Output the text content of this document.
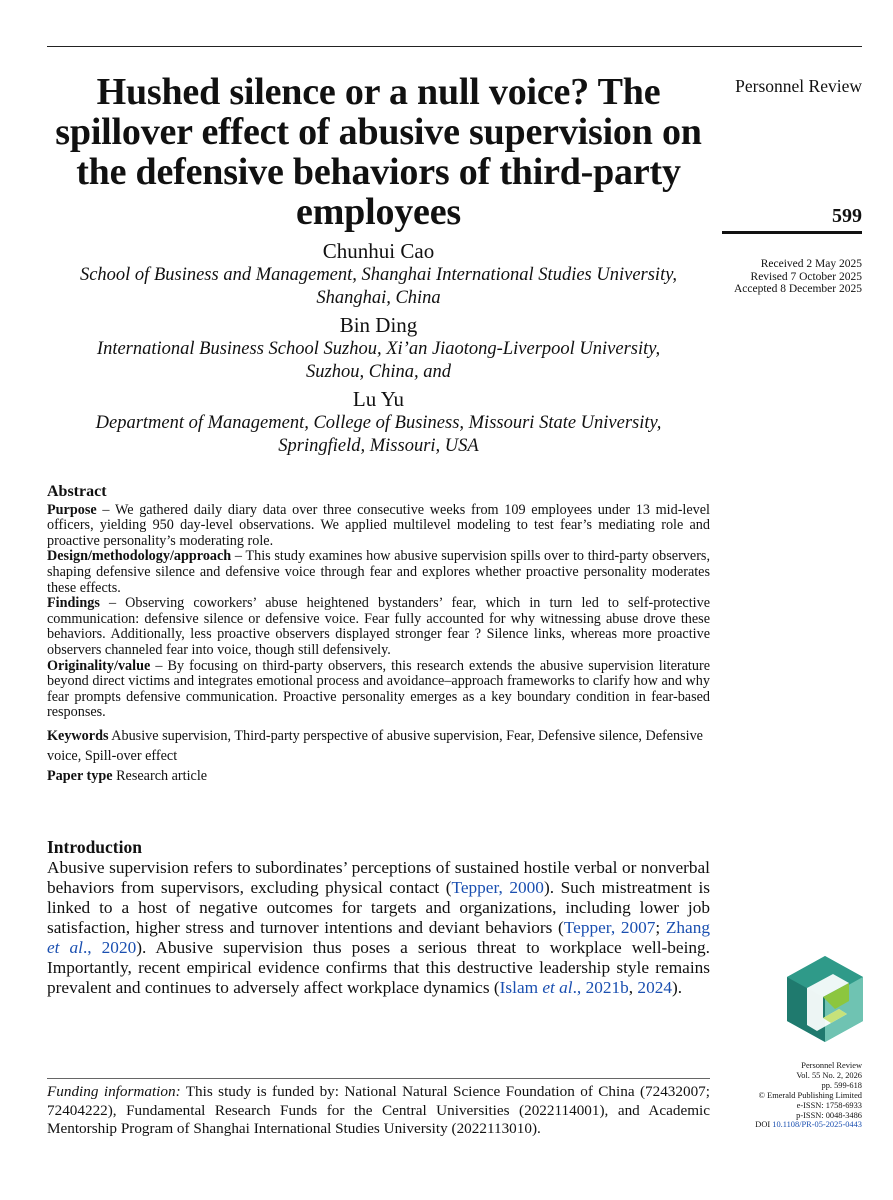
Hushed silence or a null voice? The spillover effect of abusive supervision on the defensive behaviors of third-party employees
Chunhui Cao
School of Business and Management, Shanghai International Studies University,
Shanghai, China
Bin Ding
International Business School Suzhou, Xi’an Jiaotong-Liverpool University,
Suzhou, China, and
Lu Yu
Department of Management, College of Business, Missouri State University,
Springfield, Missouri, USA
Personnel Review
599
Received 2 May 2025
Revised 7 October 2025
Accepted 8 December 2025
Abstract

Purpose – We gathered daily diary data over three consecutive weeks from 109 employees under 13 mid-level officers, yielding 950 day-level observations. We applied multilevel modeling to test fear’s mediating role and proactive personality’s moderating role.

Design/methodology/approach – This study examines how abusive supervision spills over to third-party observers, shaping defensive silence and defensive voice through fear and explores whether proactive personality moderates these effects.

Findings – Observing coworkers’ abuse heightened bystanders’ fear, which in turn led to self-protective communication: defensive silence or defensive voice. Fear fully accounted for why witnessing abuse drove these behaviors. Additionally, less proactive observers displayed stronger fear ? Silence links, whereas more proactive observers channeled fear into voice, though still defensively.

Originality/value – By focusing on third-party observers, this research extends the abusive supervision literature beyond direct victims and integrates emotional process and avoidance–approach frameworks to clarify how and why fear prompts defensive communication. Proactive personality emerges as a key boundary condition in fear-based responses.

Keywords Abusive supervision, Third-party perspective of abusive supervision, Fear, Defensive silence, Defensive voice, Spill-over effect

Paper type Research article

Introduction

Abusive supervision refers to subordinates’ perceptions of sustained hostile verbal or nonverbal behaviors from supervisors, excluding physical contact (Tepper, 2000). Such mistreatment is linked to a host of negative outcomes for targets and organizations, including lower job satisfaction, higher stress and turnover intentions and deviant behaviors (Tepper, 2007; Zhang et al., 2020). Abusive supervision thus poses a serious threat to workplace well-being. Importantly, recent empirical evidence confirms that this destructive leadership style remains prevalent and continues to adversely affect workplace dynamics (Islam et al., 2021b, 2024).

Personnel Review
Vol. 55 No. 2, 2026
pp. 599-618
© Emerald Publishing Limited
e-ISSN: 1758-6933
p-ISSN: 0048-3486
DOI 10.1108/PR-05-2025-0443
Funding information: This study is funded by: National Natural Science Foundation of China (72432007; 72404222), Fundamental Research Funds for the Central Universities (2022114001), and Academic Mentorship Program of Shanghai International Studies University (2022113010).
